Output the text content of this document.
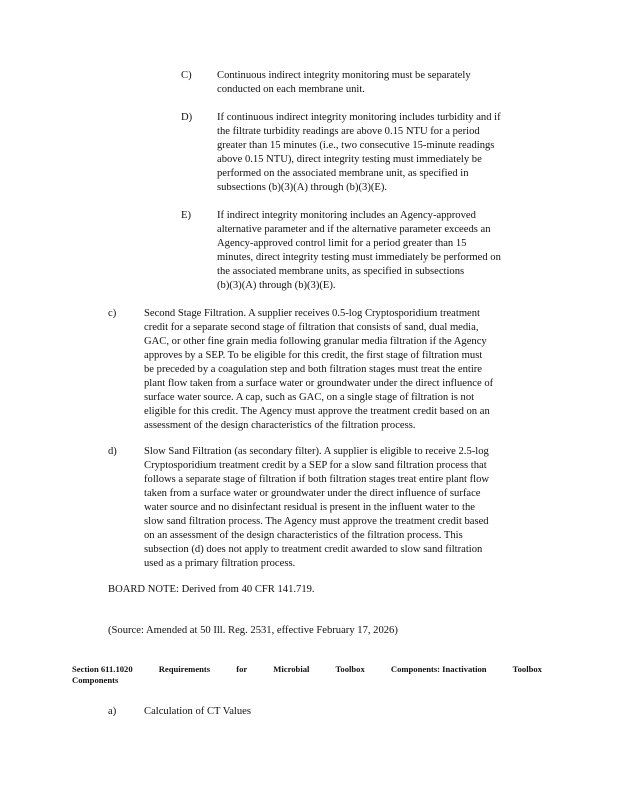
C) Continuous indirect integrity monitoring must be separately
conducted on each membrane unit.
D) If continuous indirect integrity monitoring includes turbidity and if
the filtrate turbidity readings are above 0.15 NTU for a period
greater than 15 minutes (i.e., two consecutive 15-minute readings
above 0.15 NTU), direct integrity testing must immediately be
performed on the associated membrane unit, as specified in
subsections (b)(3)(A) through (b)(3)(E).
E) If indirect integrity monitoring includes an Agency-approved
alternative parameter and if the alternative parameter exceeds an
Agency-approved control limit for a period greater than 15
minutes, direct integrity testing must immediately be performed on
the associated membrane units, as specified in subsections
(b)(3)(A) through (b)(3)(E).
c)	Second Stage Filtration. A supplier receives 0.5-log Cryptosporidium treatment
credit for a separate second stage of filtration that consists of sand, dual media,
GAC, or other fine grain media following granular media filtration if the Agency
approves by a SEP. To be eligible for this credit, the first stage of filtration must
be preceded by a coagulation step and both filtration stages must treat the entire
plant flow taken from a surface water or groundwater under the direct influence of
surface water source. A cap, such as GAC, on a single stage of filtration is not
eligible for this credit. The Agency must approve the treatment credit based on an
assessment of the design characteristics of the filtration process.
d)	Slow Sand Filtration (as secondary filter). A supplier is eligible to receive 2.5-log
Cryptosporidium treatment credit by a SEP for a slow sand filtration process that
follows a separate stage of filtration if both filtration stages treat entire plant flow
taken from a surface water or groundwater under the direct influence of surface
water source and no disinfectant residual is present in the influent water to the
slow sand filtration process. The Agency must approve the treatment credit based
on an assessment of the design characteristics of the filtration process. This
subsection (d) does not apply to treatment credit awarded to slow sand filtration
used as a primary filtration process.
BOARD NOTE: Derived from 40 CFR 141.719.
(Source: Amended at 50 Ill. Reg. 2531, effective February 17, 2026)
Section 611.1020	Requirements	for	Microbial	Toolbox	Components: Inactivation	Toolbox
Components
a)	Calculation of CT Values
